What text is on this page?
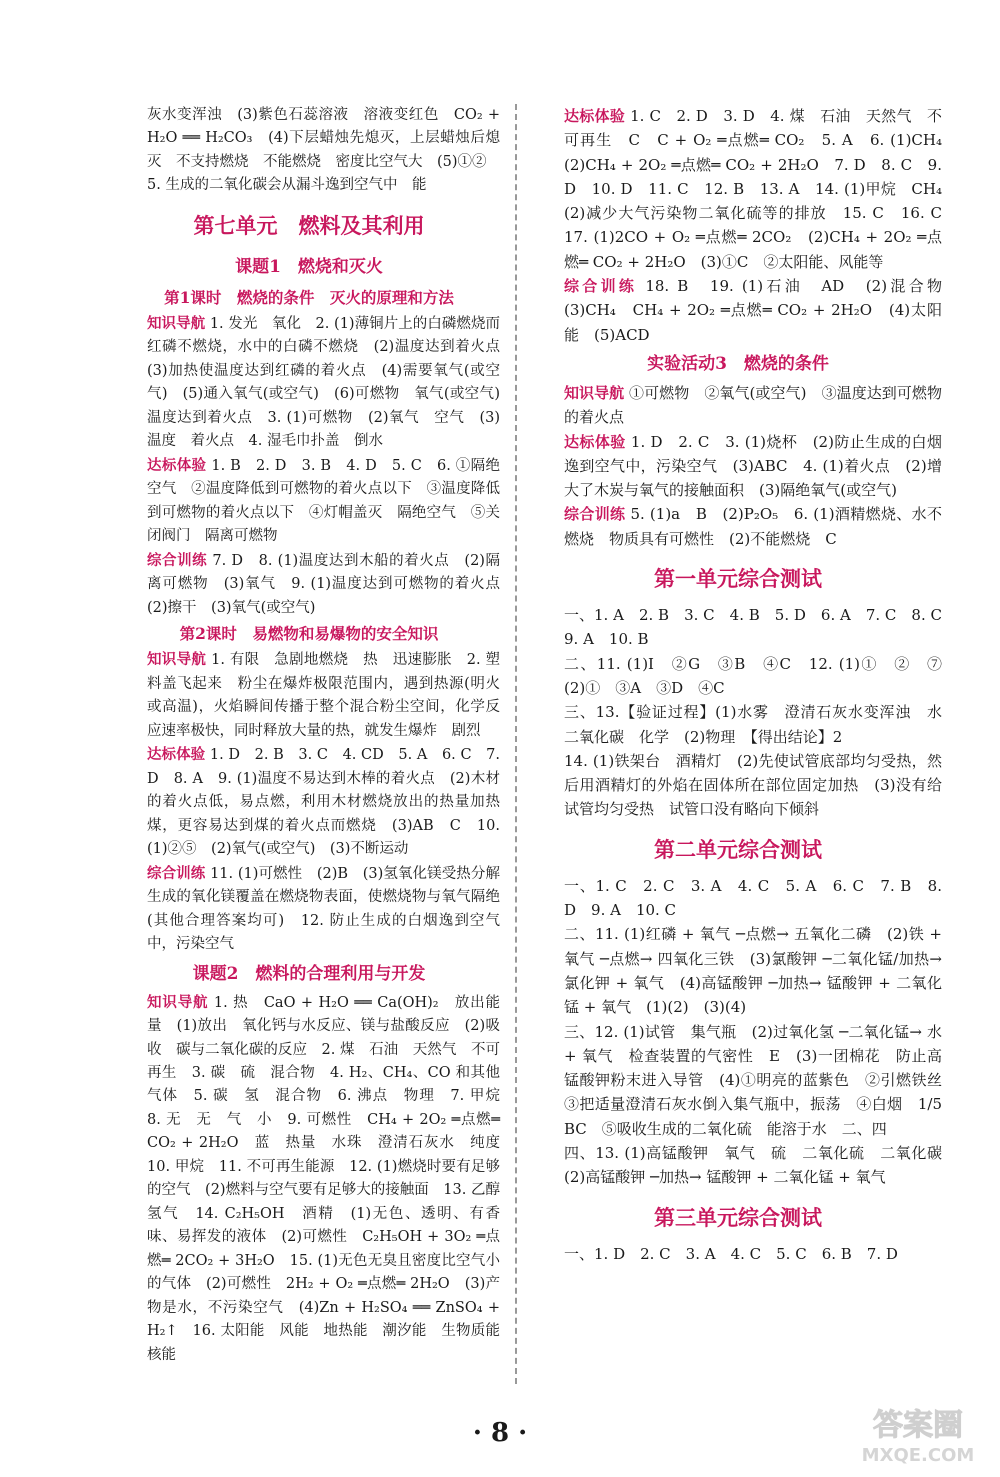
灰水变浑浊　(3)紫色石蕊溶液　溶液变红色　CO₂ + H₂O ══ H₂CO₃　(4)下层蜡烛先熄灭，上层蜡烛后熄灭　不支持燃烧　不能燃烧　密度比空气大　(5)①②
5. 生成的二氧化碳会从漏斗逸到空气中　能
第七单元　燃料及其利用
课题1　燃烧和灭火
第1课时　燃烧的条件　灭火的原理和方法
知识导航 1. 发光　氧化　2. (1)薄铜片上的白磷燃烧而红磷不燃烧，水中的白磷不燃烧　(2)温度达到着火点　(3)加热使温度达到红磷的着火点　(4)需要氧气(或空气)　(5)通入氧气(或空气)　(6)可燃物　氧气(或空气)　温度达到着火点　3. (1)可燃物　(2)氧气　空气　(3)温度　着火点　4. 湿毛巾扑盖　倒水
达标体验 1. B　2. D　3. B　4. D　5. C　6. ①隔绝空气　②温度降低到可燃物的着火点以下　③温度降低到可燃物的着火点以下　④灯帽盖灭　隔绝空气　⑤关闭阀门　隔离可燃物
综合训练 7. D　8. (1)温度达到木船的着火点　(2)隔离可燃物　(3)氧气　9. (1)温度达到可燃物的着火点　(2)擦干　(3)氧气(或空气)
第2课时　易燃物和易爆物的安全知识
知识导航 1. 有限　急剧地燃烧　热　迅速膨胀　2. 塑料盖飞起来　粉尘在爆炸极限范围内，遇到热源(明火或高温)，火焰瞬间传播于整个混合粉尘空间，化学反应速率极快，同时释放大量的热，就发生爆炸　剧烈
达标体验 1. D　2. B　3. C　4. CD　5. A　6. C　7. D　8. A　9. (1)温度不易达到木棒的着火点　(2)木材的着火点低，易点燃，利用木材燃烧放出的热量加热煤，更容易达到煤的着火点而燃烧　(3)AB　C　10. (1)②⑤　(2)氧气(或空气)　(3)不断运动
综合训练 11. (1)可燃性　(2)B　(3)氢氧化镁受热分解生成的氧化镁覆盖在燃烧物表面，使燃烧物与氧气隔绝(其他合理答案均可)　12. 防止生成的白烟逸到空气中，污染空气
课题2　燃料的合理利用与开发
知识导航 1. 热　CaO + H₂O ══ Ca(OH)₂　放出能量　(1)放出　氧化钙与水反应、镁与盐酸反应　(2)吸收　碳与二氧化碳的反应　2. 煤　石油　天然气　不可再生　3. 碳　硫　混合物　4. H₂、CH₄、CO 和其他气体　5. 碳　氢　混合物　6. 沸点　物理　7. 甲烷　8. 无　无　气　小　9. 可燃性　CH₄ + 2O₂ ═点燃═ CO₂ + 2H₂O　蓝　热量　水珠　澄清石灰水　纯度　10. 甲烷　11. 不可再生能源　12. (1)燃烧时要有足够的空气　(2)燃料与空气要有足够大的接触面　13. 乙醇　氢气　14. C₂H₅OH　酒精　(1)无色、透明、有香味、易挥发的液体　(2)可燃性　C₂H₅OH + 3O₂ ═点燃═ 2CO₂ + 3H₂O　15. (1)无色无臭且密度比空气小的气体　(2)可燃性　2H₂ + O₂ ═点燃═ 2H₂O　(3)产物是水，不污染空气　(4)Zn + H₂SO₄ ══ ZnSO₄ + H₂↑　16. 太阳能　风能　地热能　潮汐能　生物质能　核能
达标体验 1. C　2. D　3. D　4. 煤　石油　天然气　不可再生　C　C + O₂ ═点燃═ CO₂　5. A　6. (1)CH₄　(2)CH₄ + 2O₂ ═点燃═ CO₂ + 2H₂O　7. D　8. C　9. D　10. D　11. C　12. B　13. A　14. (1)甲烷　CH₄　(2)减少大气污染物二氧化硫等的排放　15. C　16. C　17. (1)2CO + O₂ ═点燃═ 2CO₂　(2)CH₄ + 2O₂ ═点燃═ CO₂ + 2H₂O　(3)①C　②太阳能、风能等
综合训练 18. B　19. (1)石油　AD　(2)混合物　(3)CH₄　CH₄ + 2O₂ ═点燃═ CO₂ + 2H₂O　(4)太阳能　(5)ACD
实验活动3　燃烧的条件
知识导航 ①可燃物　②氧气(或空气)　③温度达到可燃物的着火点
达标体验 1. D　2. C　3. (1)烧杯　(2)防止生成的白烟逸到空气中，污染空气　(3)ABC　4. (1)着火点　(2)增大了木炭与氧气的接触面积　(3)隔绝氧气(或空气)
综合训练 5. (1)a　B　(2)P₂O₅　6. (1)酒精燃烧、水不燃烧　物质具有可燃性　(2)不能燃烧　C
第一单元综合测试
一、1. A　2. B　3. C　4. B　5. D　6. A　7. C　8. C　9. A　10. B
二、11. (1)I　②G　③B　④C　12. (1)①　②　⑦　(2)①　③A　③D　④C
三、13.【验证过程】(1)水雾　澄清石灰水变浑浊　水　二氧化碳　化学　(2)物理　【得出结论】2
14. (1)铁架台　酒精灯　(2)先使试管底部均匀受热，然后用酒精灯的外焰在固体所在部位固定加热　(3)没有给试管均匀受热　试管口没有略向下倾斜
第二单元综合测试
一、1. C　2. C　3. A　4. C　5. A　6. C　7. B　8. D　9. A　10. C
二、11. (1)红磷 + 氧气 ─点燃→ 五氧化二磷　(2)铁 + 氧气 ─点燃→ 四氧化三铁　(3)氯酸钾 ─二氧化锰/加热→ 氯化钾 + 氧气　(4)高锰酸钾 ─加热→ 锰酸钾 + 二氧化锰 + 氧气　(1)(2)　(3)(4)
三、12. (1)试管　集气瓶　(2)过氧化氢 ─二氧化锰→ 水 + 氧气　检查装置的气密性　E　(3)一团棉花　防止高锰酸钾粉末进入导管　(4)①明亮的蓝紫色　②引燃铁丝　③把适量澄清石灰水倒入集气瓶中，振荡　④白烟　1/5　BC　⑤吸收生成的二氧化硫　能溶于水　二、四
四、13. (1)高锰酸钾　氧气　硫　二氧化硫　二氧化碳　(2)高锰酸钾 ─加热→ 锰酸钾 + 二氧化锰 + 氧气
第三单元综合测试
一、1. D　2. C　3. A　4. C　5. C　6. B　7. D
· 8 ·	答案圈
MXQE.COM
